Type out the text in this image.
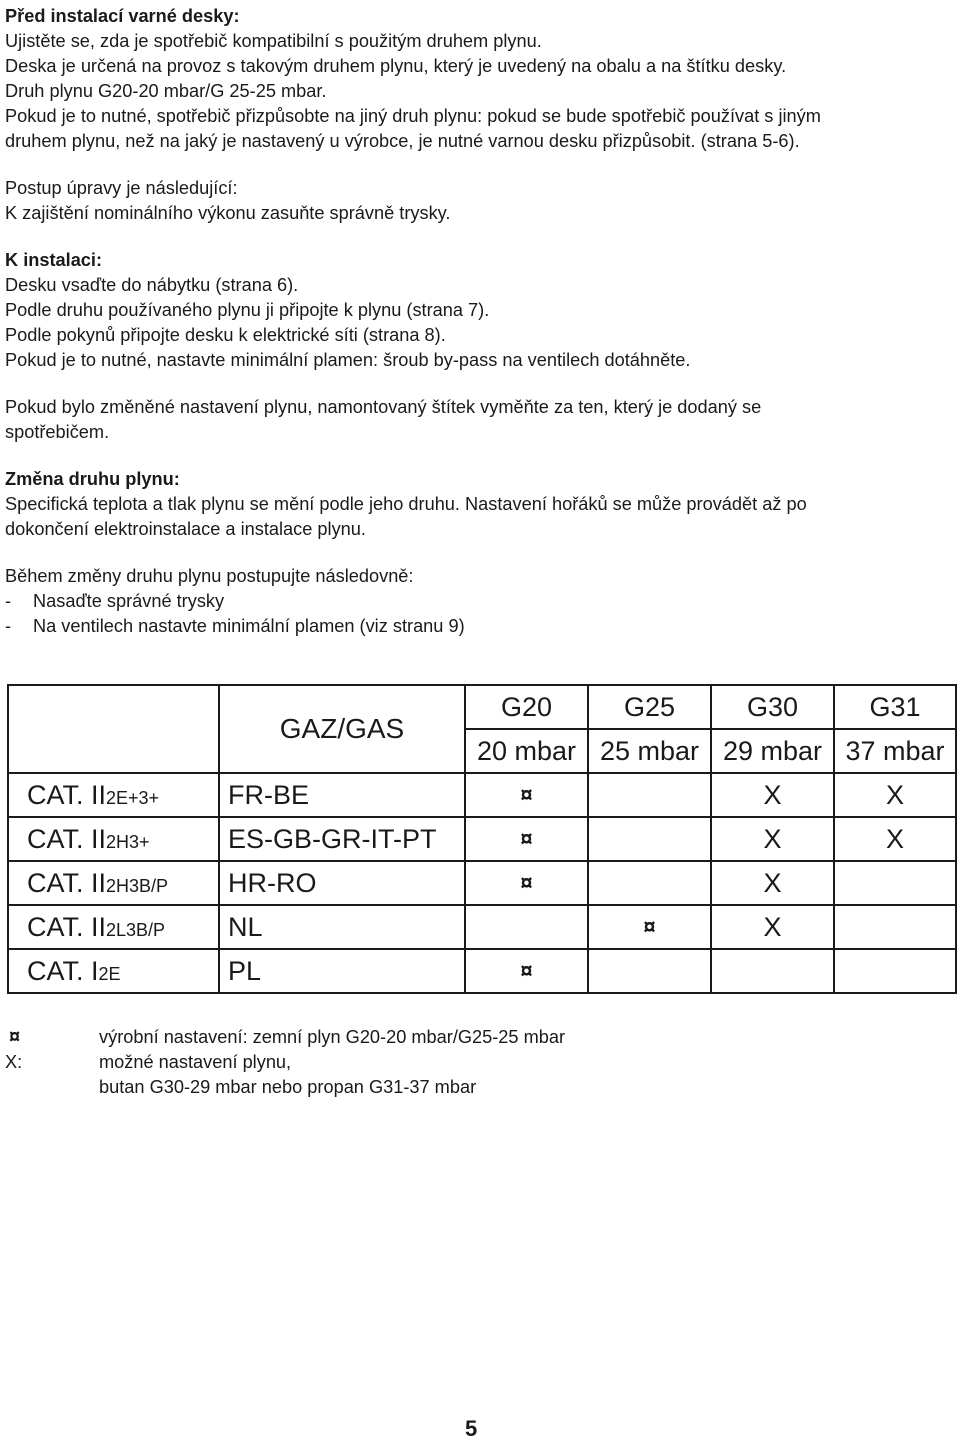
Před instalací varné desky:

Ujistěte se, zda je spotřebič kompatibilní s použitým druhem plynu.

Deska je určená na provoz s takovým druhem plynu, který je uvedený na obalu a na štítku desky.

Druh plynu G20-20 mbar/G 25-25 mbar.

Pokud je to nutné, spotřebič přizpůsobte na jiný druh plynu: pokud se bude spotřebič používat s jiným

druhem plynu, než na jaký je nastavený u výrobce, je nutné varnou desku přizpůsobit. (strana 5-6).

Postup úpravy je následující:

K zajištění nominálního výkonu zasuňte správně trysky.

K instalaci:

Desku vsaďte do nábytku (strana 6).

Podle druhu používaného plynu ji připojte k plynu (strana 7).

Podle pokynů připojte desku k elektrické síti (strana 8).

Pokud je to nutné, nastavte minimální plamen: šroub by-pass na ventilech dotáhněte.

Pokud bylo změněné nastavení plynu, namontovaný štítek vyměňte za ten, který je dodaný se

spotřebičem.

Změna druhu plynu:

Specifická teplota a tlak plynu se mění podle jeho druhu. Nastavení hořáků se může provádět až po

dokončení elektroinstalace a instalace plynu.

Během změny druhu plynu postupujte následovně:

-	Nasaďte správné trysky
-	Na ventilech nastavte minimální plamen (viz stranu 9)
	GAZ/GAS	G20	G25	G30	G31
		20 mbar	25 mbar	29 mbar	37 mbar
CAT. II2E+3+	FR-BE	¤		X	X
CAT. II2H3+	ES-GB-GR-IT-PT	¤		X	X
CAT. II2H3B/P	HR-RO	¤		X	
CAT. II2L3B/P	NL		¤	X	
CAT. I2E	PL	¤			
¤	výrobní nastavení: zemní plyn G20-20 mbar/G25-25 mbar
X:	možné nastavení plynu,
butan G30-29 mbar nebo propan G31-37 mbar
5
